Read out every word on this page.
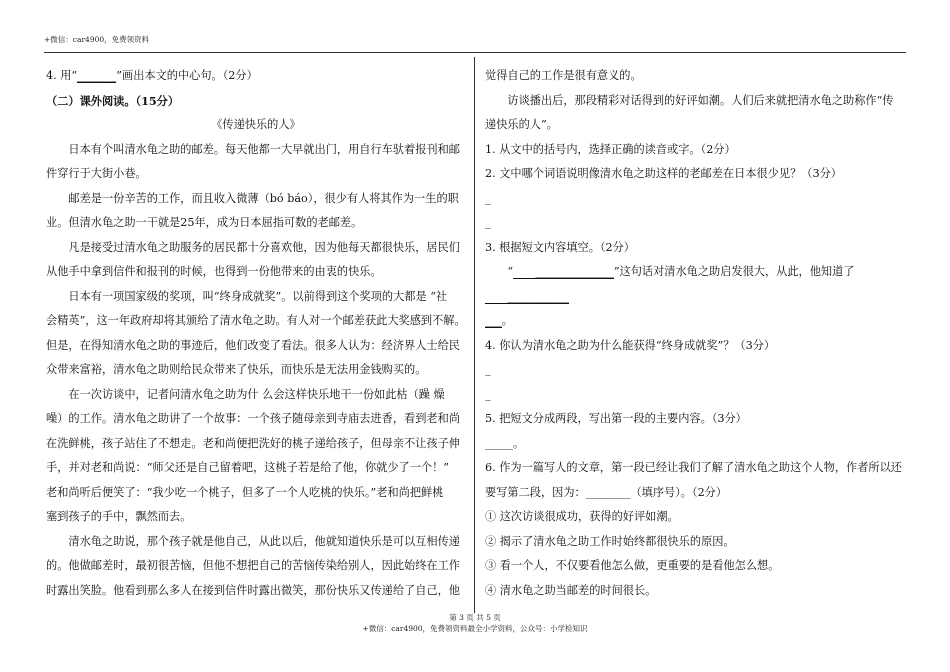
+微信：car4900，免费领资料

4. 用“_______”画出本文的中心句。（2分）

（二）课外阅读。（15分）

《传递快乐的人》

日本有个叫清水龟之助的邮差。每天他都一大早就出门，用自行车驮着报刊和邮

件穿行于大街小巷。

邮差是一份辛苦的工作，而且收入微薄（bó báo），很少有人将其作为一生的职

业。但清水龟之助一干就是25年，成为日本屈指可数的老邮差。

凡是接受过清水龟之助服务的居民都十分喜欢他，因为他每天都很快乐，居民们

从他手中拿到信件和报刊的时候，也得到一份他带来的由衷的快乐。

日本有一项国家级的奖项，叫“终身成就奖”。以前得到这个奖项的大都是 “社

会精英”，这一年政府却将其颁给了清水龟之助。有人对一个邮差获此大奖感到不解。

但是，在得知清水龟之助的事迹后，他们改变了看法。很多人认为：经济界人士给民

众带来富裕，清水龟之助则给民众带来了快乐，而快乐是无法用金钱购买的。

在一次访谈中，记者问清水龟之助为什 么会这样快乐地干一份如此枯（躁 燥

噪）的工作。清水龟之助讲了一个故事：一个孩子随母亲到寺庙去进香，看到老和尚

在洗鲜桃，孩子站住了不想走。老和尚便把洗好的桃子递给孩子，但母亲不让孩子伸

手，并对老和尚说：“师父还是自己留着吧，这桃子若是给了他，你就少了一个！”

老和尚听后便笑了：“我少吃一个桃子，但多了一个人吃桃的快乐。”老和尚把鲜桃

塞到孩子的手中，飘然而去。

清水龟之助说，那个孩子就是他自己，从此以后，他就知道快乐是可以互相传递

的。他做邮差时，最初很苦恼，但他不想把自己的苦恼传染给别人，因此始终在工作

时露出笑脸。他看到那么多人在接到信件时露出微笑，那份快乐又传递给了自己，他

觉得自己的工作是很有意义的。

访谈播出后，那段精彩对话得到的好评如潮。人们后来就把清水龟之助称作“传

递快乐的人”。

1. 从文中的括号内，选择正确的读音或字。（2分）

2. 文中哪个词语说明像清水龟之助这样的老邮差在日本很少见？（3分）

_

_

3. 根据短文内容填空。（2分）

“ ______________”这句话对清水龟之助启发很大，从此，他知道了___________

___。

4. 你认为清水龟之助为什么能获得“终身成就奖”？（3分）

_

_

5. 把短文分成两段，写出第一段的主要内容。（3分）

_____。

6. 作为一篇写人的文章，第一段已经让我们了解了清水龟之助这个人物，作者所以还

要写第二段，因为：________（填序号）。（2分）

① 这次访谈很成功，获得的好评如潮。

② 揭示了清水龟之助工作时始终都很快乐的原因。

③ 看一个人，不仅要看他怎么做，更重要的是看他怎么想。

④ 清水龟之助当邮差的时间很长。

第 3 页 共 5 页
+微信：car4900，免费领资料最全小学资料，公众号：小学检知识
